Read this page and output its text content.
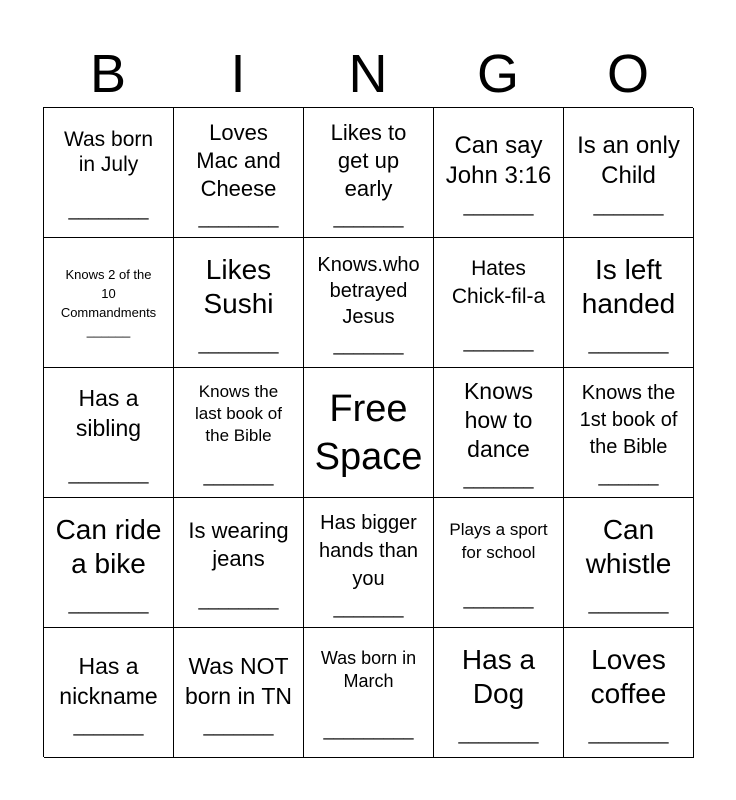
B	I	N	G	O
Was born
in July
________
Loves
Mac and
Cheese
________
Likes to
get up
early
_______
Can say
John 3:16
_______
Is an only
Child
_______
Knows 2 of the
10
Commandments
______
Likes
Sushi
________
Knows.who
betrayed
Jesus
_______
Hates
Chick-fil-a
_______
Is left
handed
________
Has a
sibling
________
Knows the
last book of
the Bible
_______
Free
Space
Knows
how to
dance
_______
Knows the
1st book of
the Bible
______
Can ride
a bike
________
Is wearing
jeans
________
Has bigger
hands than
you
_______
Plays a sport
for school
_______
Can
whistle
________
Has a
nickname
_______
Was NOT
born in TN
_______
Was born in
March
_________
Has a
Dog
________
Loves
coffee
________
